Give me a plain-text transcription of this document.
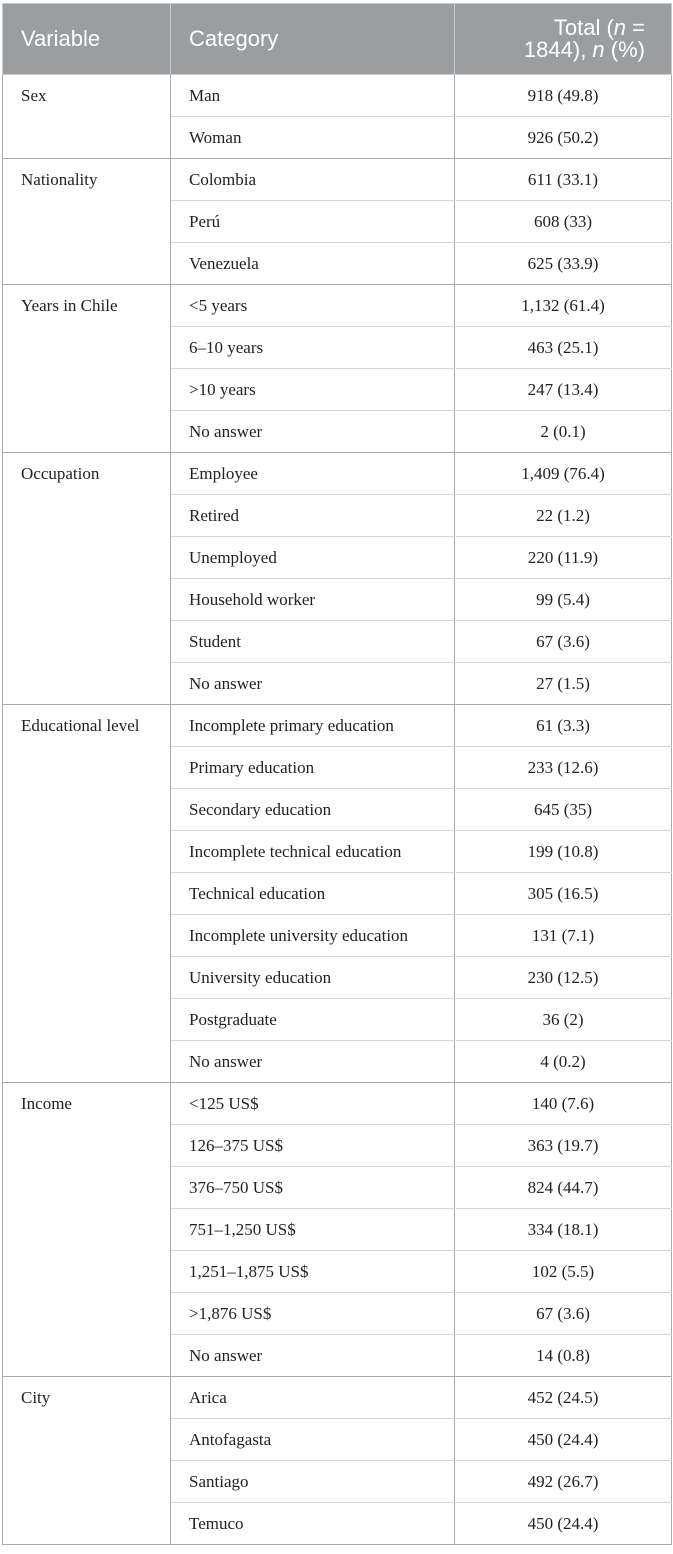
Variable	Category	Total (n =
1844), n (%)
Sex	Man	918 (49.8)
	Woman	926 (50.2)
Nationality	Colombia	611 (33.1)
	Perú	608 (33)
	Venezuela	625 (33.9)
Years in Chile	<5 years	1,132 (61.4)
	6–10 years	463 (25.1)
	>10 years	247 (13.4)
	No answer	2 (0.1)
Occupation	Employee	1,409 (76.4)
	Retired	22 (1.2)
	Unemployed	220 (11.9)
	Household worker	99 (5.4)
	Student	67 (3.6)
	No answer	27 (1.5)
Educational level	Incomplete primary education	61 (3.3)
	Primary education	233 (12.6)
	Secondary education	645 (35)
	Incomplete technical education	199 (10.8)
	Technical education	305 (16.5)
	Incomplete university education	131 (7.1)
	University education	230 (12.5)
	Postgraduate	36 (2)
	No answer	4 (0.2)
Income	<125 US$	140 (7.6)
	126–375 US$	363 (19.7)
	376–750 US$	824 (44.7)
	751–1,250 US$	334 (18.1)
	1,251–1,875 US$	102 (5.5)
	>1,876 US$	67 (3.6)
	No answer	14 (0.8)
City	Arica	452 (24.5)
	Antofagasta	450 (24.4)
	Santiago	492 (26.7)
	Temuco	450 (24.4)
